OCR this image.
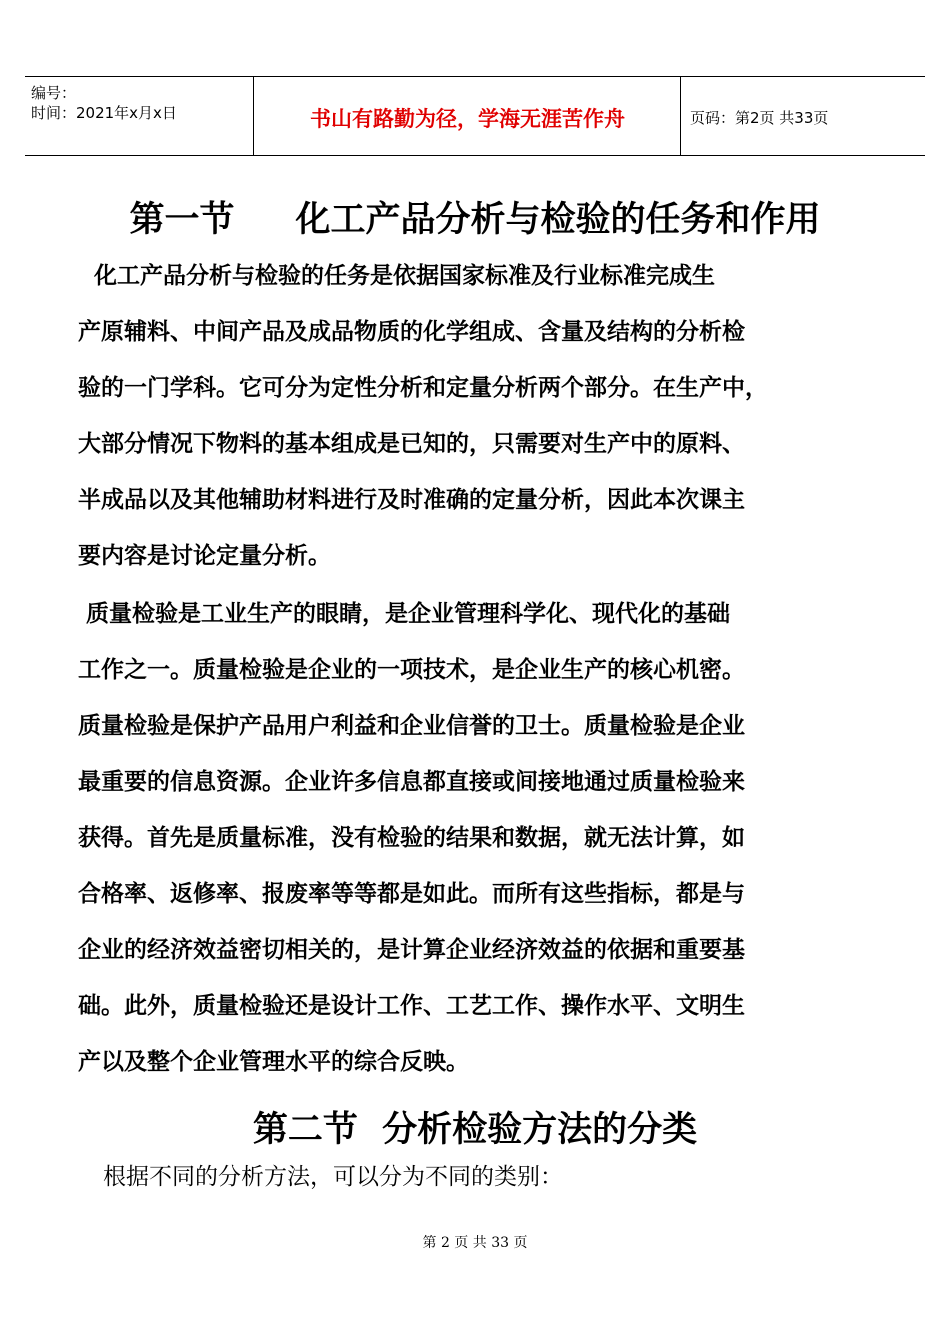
编号：
时间：2021年x月x日	书山有路勤为径，学海无涯苦作舟	页码：第2页 共33页
第一节     化工产品分析与检验的任务和作用
化工产品分析与检验的任务是依据国家标准及行业标准完成生
产原辅料、中间产品及成品物质的化学组成、含量及结构的分析检
验的一门学科。它可分为定性分析和定量分析两个部分。在生产中，
大部分情况下物料的基本组成是已知的，只需要对生产中的原料、
半成品以及其他辅助材料进行及时准确的定量分析，因此本次课主
要内容是讨论定量分析。
质量检验是工业生产的眼睛，是企业管理科学化、现代化的基础
工作之一。质量检验是企业的一项技术，是企业生产的核心机密。
质量检验是保护产品用户利益和企业信誉的卫士。质量检验是企业
最重要的信息资源。企业许多信息都直接或间接地通过质量检验来
获得。首先是质量标准，没有检验的结果和数据，就无法计算，如
合格率、返修率、报废率等等都是如此。而所有这些指标，都是与
企业的经济效益密切相关的，是计算企业经济效益的依据和重要基
础。此外，质量检验还是设计工作、工艺工作、操作水平、文明生
产以及整个企业管理水平的综合反映。
第二节  分析检验方法的分类
根据不同的分析方法，可以分为不同的类别：
第 2 页 共 33 页
